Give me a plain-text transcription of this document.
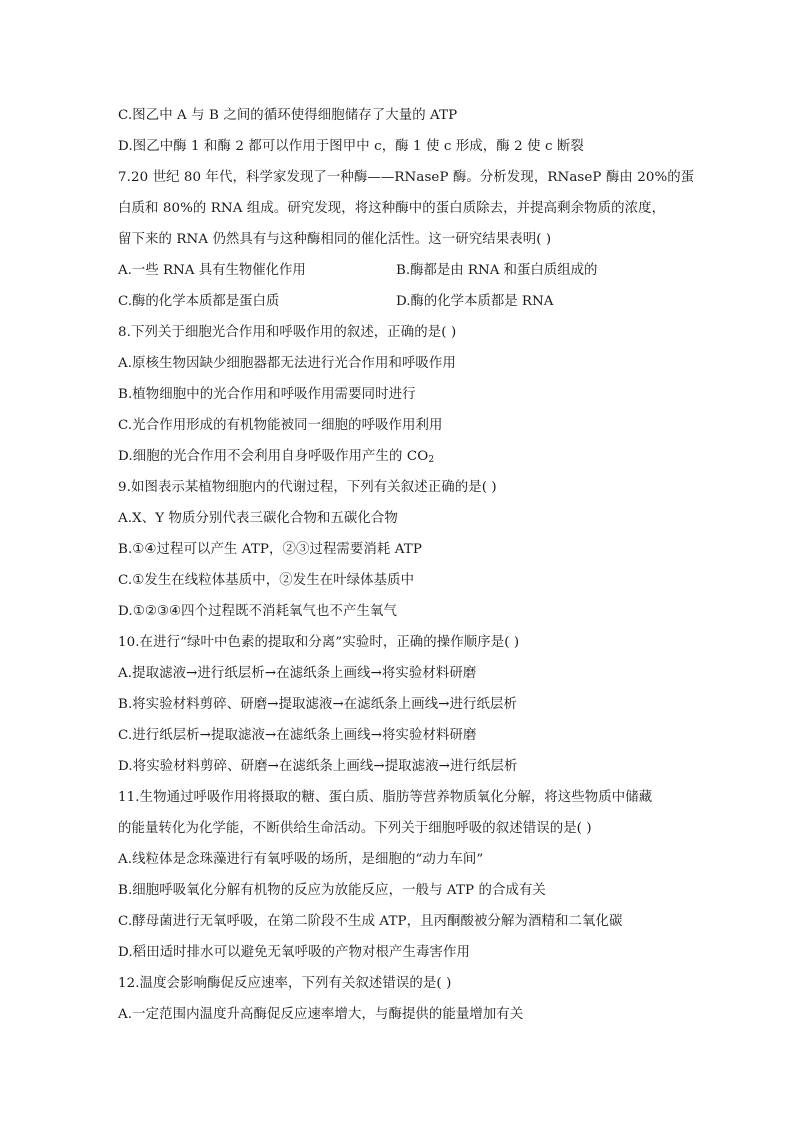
C.图乙中 A 与 B 之间的循环使得细胞储存了大量的 ATP
D.图乙中酶 1 和酶 2 都可以作用于图甲中 c，酶 1 使 c 形成，酶 2 使 c 断裂
7.20 世纪 80 年代，科学家发现了一种酶——RNaseP 酶。分析发现，RNaseP 酶由 20%的蛋
白质和 80%的 RNA 组成。研究发现，将这种酶中的蛋白质除去，并提高剩余物质的浓度，
留下来的 RNA 仍然具有与这种酶相同的催化活性。这一研究结果表明( )
A.一些 RNA 具有生物催化作用	B.酶都是由 RNA 和蛋白质组成的
C.酶的化学本质都是蛋白质	D.酶的化学本质都是 RNA
8.下列关于细胞光合作用和呼吸作用的叙述，正确的是( )
A.原核生物因缺少细胞器都无法进行光合作用和呼吸作用
B.植物细胞中的光合作用和呼吸作用需要同时进行
C.光合作用形成的有机物能被同一细胞的呼吸作用利用
D.细胞的光合作用不会利用自身呼吸作用产生的 $CO_2$
9.如图表示某植物细胞内的代谢过程，下列有关叙述正确的是( )
A.X、Y 物质分别代表三碳化合物和五碳化合物
B.①④过程可以产生 ATP，②③过程需要消耗 ATP
C.①发生在线粒体基质中，②发生在叶绿体基质中
D.①②③④四个过程既不消耗氧气也不产生氧气
10.在进行“绿叶中色素的提取和分离”实验时，正确的操作顺序是( )
A.提取滤液→进行纸层析→在滤纸条上画线→将实验材料研磨
B.将实验材料剪碎、研磨→提取滤液→在滤纸条上画线→进行纸层析
C.进行纸层析→提取滤液→在滤纸条上画线→将实验材料研磨
D.将实验材料剪碎、研磨→在滤纸条上画线→提取滤液→进行纸层析
11.生物通过呼吸作用将摄取的糖、蛋白质、脂肪等营养物质氧化分解，将这些物质中储藏
的能量转化为化学能，不断供给生命活动。下列关于细胞呼吸的叙述错误的是( )
A.线粒体是念珠藻进行有氧呼吸的场所，是细胞的“动力车间”
B.细胞呼吸氧化分解有机物的反应为放能反应，一般与 ATP 的合成有关
C.酵母菌进行无氧呼吸，在第二阶段不生成 ATP，且丙酮酸被分解为酒精和二氧化碳
D.稻田适时排水可以避免无氧呼吸的产物对根产生毒害作用
12.温度会影响酶促反应速率，下列有关叙述错误的是( )
A.一定范围内温度升高酶促反应速率增大，与酶提供的能量增加有关
